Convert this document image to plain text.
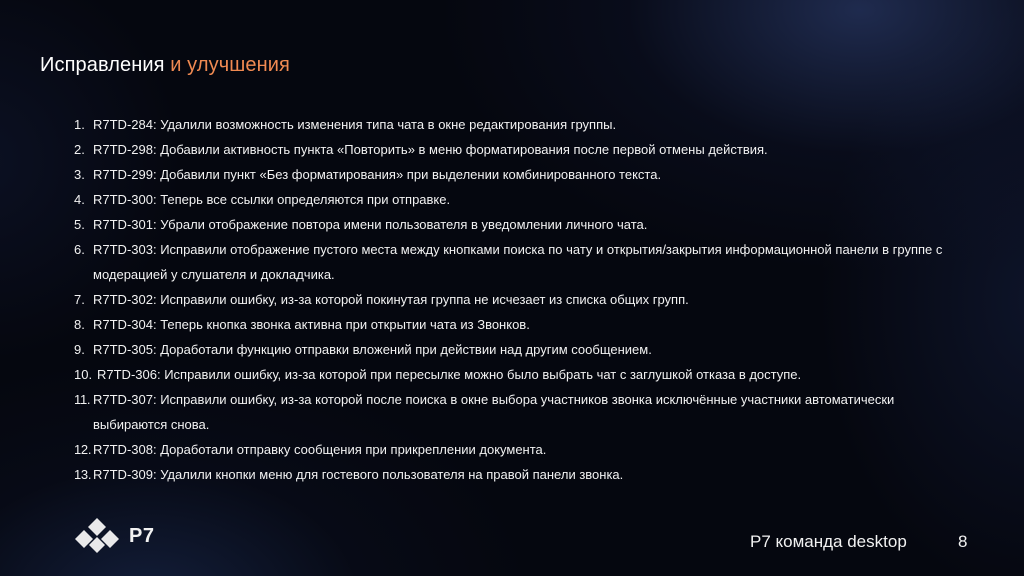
Исправления и улучшения
1. R7TD-284: Удалили возможность изменения типа чата в окне редактирования группы.
2. R7TD-298: Добавили активность пункта «Повторить» в меню форматирования после первой отмены действия.
3. R7TD-299: Добавили пункт «Без форматирования» при выделении комбинированного текста.
4. R7TD-300: Теперь все ссылки определяются при отправке.
5. R7TD-301: Убрали отображение повтора имени пользователя в уведомлении личного чата.
6. R7TD-303: Исправили отображение пустого места между кнопками поиска по чату и открытия/закрытия информационной панели в группе с модерацией у слушателя и докладчика.
7. R7TD-302: Исправили ошибку, из-за которой покинутая группа не исчезает из списка общих групп.
8. R7TD-304: Теперь кнопка звонка активна при открытии чата из Звонков.
9. R7TD-305: Доработали функцию отправки вложений при действии над другим сообщением.
10. R7TD-306: Исправили ошибку, из-за которой при пересылке можно было выбрать чат с заглушкой отказа в доступе.
11. R7TD-307: Исправили ошибку, из-за которой после поиска в окне выбора участников звонка исключённые участники автоматически выбираются снова.
12. R7TD-308: Доработали отправку сообщения при прикреплении документа.
13. R7TD-309: Удалили кнопки меню для гостевого пользователя на правой панели звонка.
Р7	Р7 команда desktop	8
